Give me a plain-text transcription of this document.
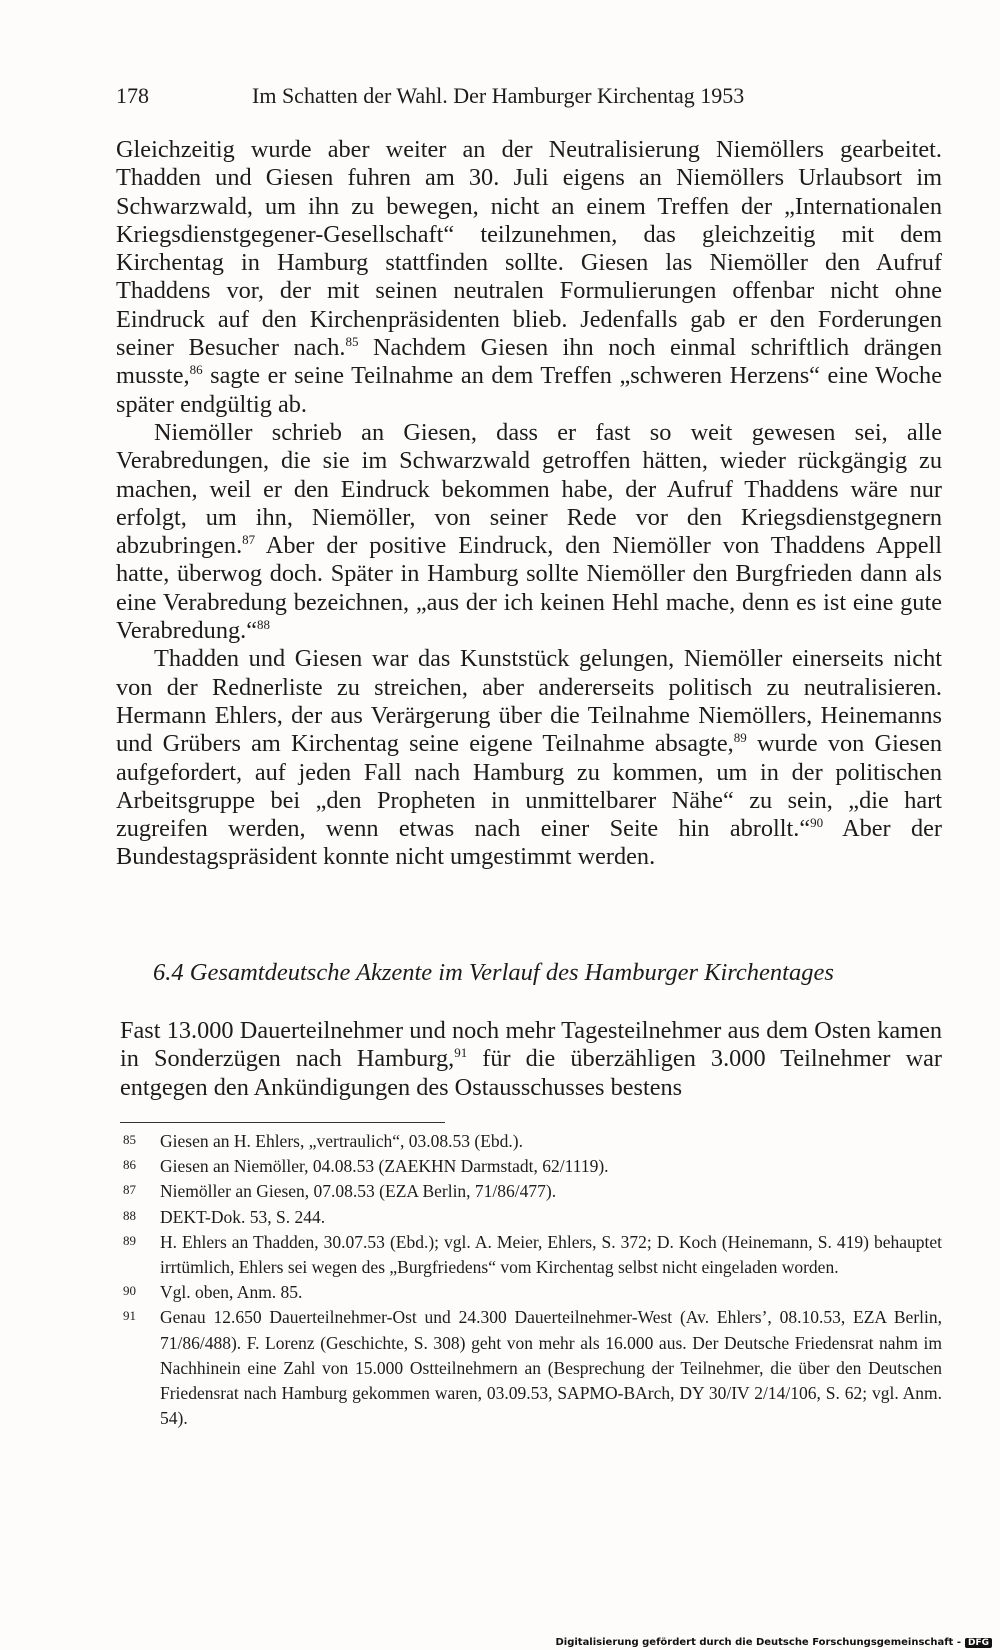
178	Im Schatten der Wahl. Der Hamburger Kirchentag 1953

Gleichzeitig wurde aber weiter an der Neutralisierung Niemöllers gearbeitet. Thadden und Giesen fuhren am 30. Juli eigens an Niemöllers Urlaubsort im Schwarzwald, um ihn zu bewegen, nicht an einem Treffen der „Internationalen Kriegsdienstgegener-Gesellschaft“ teilzunehmen, das gleichzeitig mit dem Kirchentag in Hamburg stattfinden sollte. Giesen las Niemöller den Aufruf Thaddens vor, der mit seinen neutralen Formulierungen offenbar nicht ohne Eindruck auf den Kirchenpräsidenten blieb. Jedenfalls gab er den Forderungen seiner Besucher nach.$^{85}$ Nachdem Giesen ihn noch einmal schriftlich drängen musste,$^{86}$ sagte er seine Teilnahme an dem Treffen „schweren Herzens“ eine Woche später endgültig ab.

Niemöller schrieb an Giesen, dass er fast so weit gewesen sei, alle Verabredungen, die sie im Schwarzwald getroffen hätten, wieder rückgängig zu machen, weil er den Eindruck bekommen habe, der Aufruf Thaddens wäre nur erfolgt, um ihn, Niemöller, von seiner Rede vor den Kriegsdienstgegnern abzubringen.$^{87}$ Aber der positive Eindruck, den Niemöller von Thaddens Appell hatte, überwog doch. Später in Hamburg sollte Niemöller den Burgfrieden dann als eine Verabredung bezeichnen, „aus der ich keinen Hehl mache, denn es ist eine gute Verabredung.“$^{88}$

Thadden und Giesen war das Kunststück gelungen, Niemöller einerseits nicht von der Rednerliste zu streichen, aber andererseits politisch zu neutralisieren. Hermann Ehlers, der aus Verärgerung über die Teilnahme Niemöllers, Heinemanns und Grübers am Kirchentag seine eigene Teilnahme absagte,$^{89}$ wurde von Giesen aufgefordert, auf jeden Fall nach Hamburg zu kommen, um in der politischen Arbeitsgruppe bei „den Propheten in unmittelbarer Nähe“ zu sein, „die hart zugreifen werden, wenn etwas nach einer Seite hin abrollt.“$^{90}$ Aber der Bundestagspräsident konnte nicht umgestimmt werden.

6.4 Gesamtdeutsche Akzente im Verlauf des Hamburger Kirchentages

Fast 13.000 Dauerteilnehmer und noch mehr Tagesteilnehmer aus dem Osten kamen in Sonderzügen nach Hamburg,$^{91}$ für die überzähligen 3.000 Teilnehmer war entgegen den Ankündigungen des Ostausschusses bestens

85 Giesen an H. Ehlers, „vertraulich“, 03.08.53 (Ebd.).
86 Giesen an Niemöller, 04.08.53 (ZAEKHN Darmstadt, 62/1119).
87 Niemöller an Giesen, 07.08.53 (EZA Berlin, 71/86/477).
88 DEKT-Dok. 53, S. 244.
89 H. Ehlers an Thadden, 30.07.53 (Ebd.); vgl. A. Meier, Ehlers, S. 372; D. Koch (Heinemann, S. 419) behauptet irrtümlich, Ehlers sei wegen des „Burgfriedens“ vom Kirchentag selbst nicht eingeladen worden.
90 Vgl. oben, Anm. 85.
91 Genau 12.650 Dauerteilnehmer-Ost und 24.300 Dauerteilnehmer-West (Av. Ehlers’, 08.10.53, EZA Berlin, 71/86/488). F. Lorenz (Geschichte, S. 308) geht von mehr als 16.000 aus. Der Deutsche Friedensrat nahm im Nachhinein eine Zahl von 15.000 Ostteilnehmern an (Besprechung der Teilnehmer, die über den Deutschen Friedensrat nach Hamburg gekommen waren, 03.09.53, SAPMO-BArch, DY 30/IV 2/14/106, S. 62; vgl. Anm. 54).
Digitalisierung gefördert durch die Deutsche Forschungsgemeinschaft - DFG
